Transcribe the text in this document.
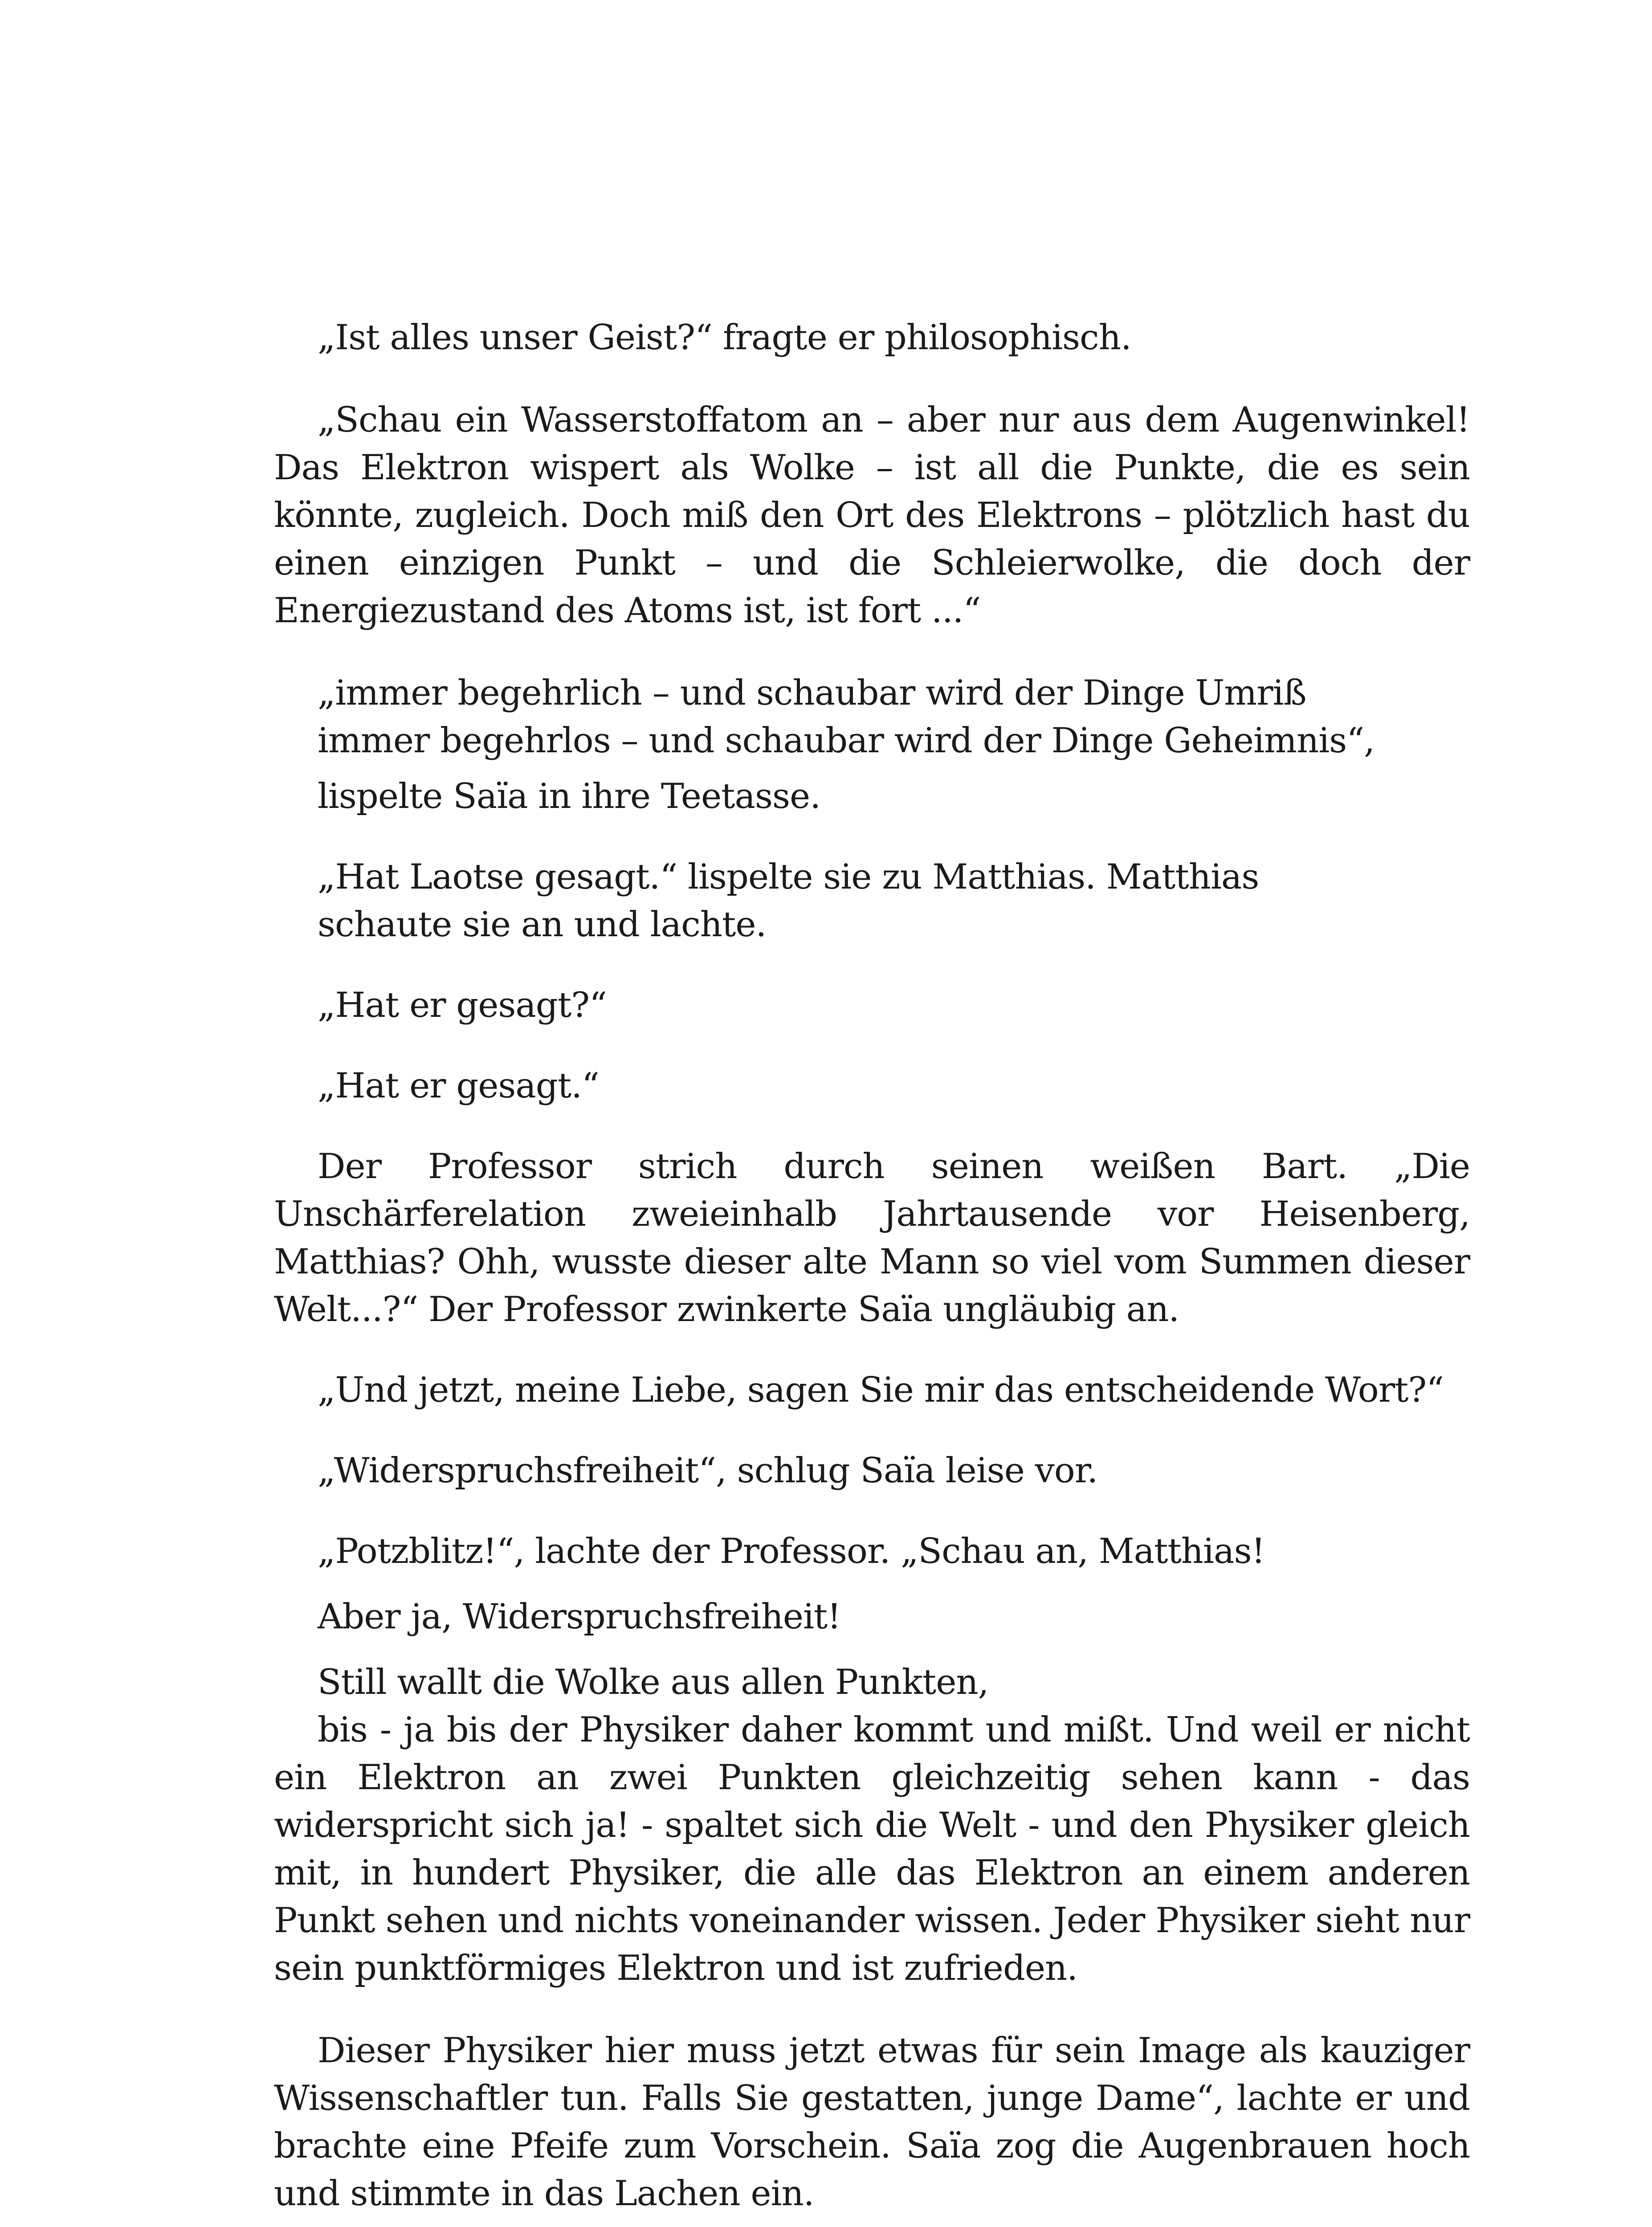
„Ist alles unser Geist?“ fragte er philosophisch.

„Schau ein Wasserstoffatom an – aber nur aus dem Augenwinkel! Das Elektron wispert als Wolke – ist all die Punkte, die es sein könnte, zugleich. Doch miß den Ort des Elektrons – plötzlich hast du einen einzigen Punkt – und die Schleierwolke, die doch der Energiezustand des Atoms ist, ist fort ...“

„immer begehrlich – und schaubar wird der Dinge Umriß
immer begehrlos – und schaubar wird der Dinge Geheimnis“,
lispelte Saïa in ihre Teetasse.

„Hat Laotse gesagt.“ lispelte sie zu Matthias. Matthias schaute sie an und lachte.

„Hat er gesagt?“

„Hat er gesagt.“

Der Professor strich durch seinen weißen Bart. „Die Unschärferelation zweieinhalb Jahrtausende vor Heisenberg, Matthias? Ohh, wusste dieser alte Mann so viel vom Summen dieser Welt...?“ Der Professor zwinkerte Saïa ungläubig an.

„Und jetzt, meine Liebe, sagen Sie mir das entscheidende Wort?“

„Widerspruchsfreiheit“, schlug Saïa leise vor.

„Potzblitz!“, lachte der Professor. „Schau an, Matthias!

Aber ja, Widerspruchsfreiheit!

Still wallt die Wolke aus allen Punkten,

bis - ja bis der Physiker daher kommt und mißt. Und weil er nicht ein Elektron an zwei Punkten gleichzeitig sehen kann - das widerspricht sich ja! - spaltet sich die Welt - und den Physiker gleich mit, in hundert Physiker, die alle das Elektron an einem anderen Punkt sehen und nichts voneinander wissen. Jeder Physiker sieht nur sein punktförmiges Elektron und ist zufrieden.

Dieser Physiker hier muss jetzt etwas für sein Image als kauziger Wissenschaftler tun. Falls Sie gestatten, junge Dame“, lachte er und brachte eine Pfeife zum Vorschein. Saïa zog die Augenbrauen hoch und stimmte in das Lachen ein.
